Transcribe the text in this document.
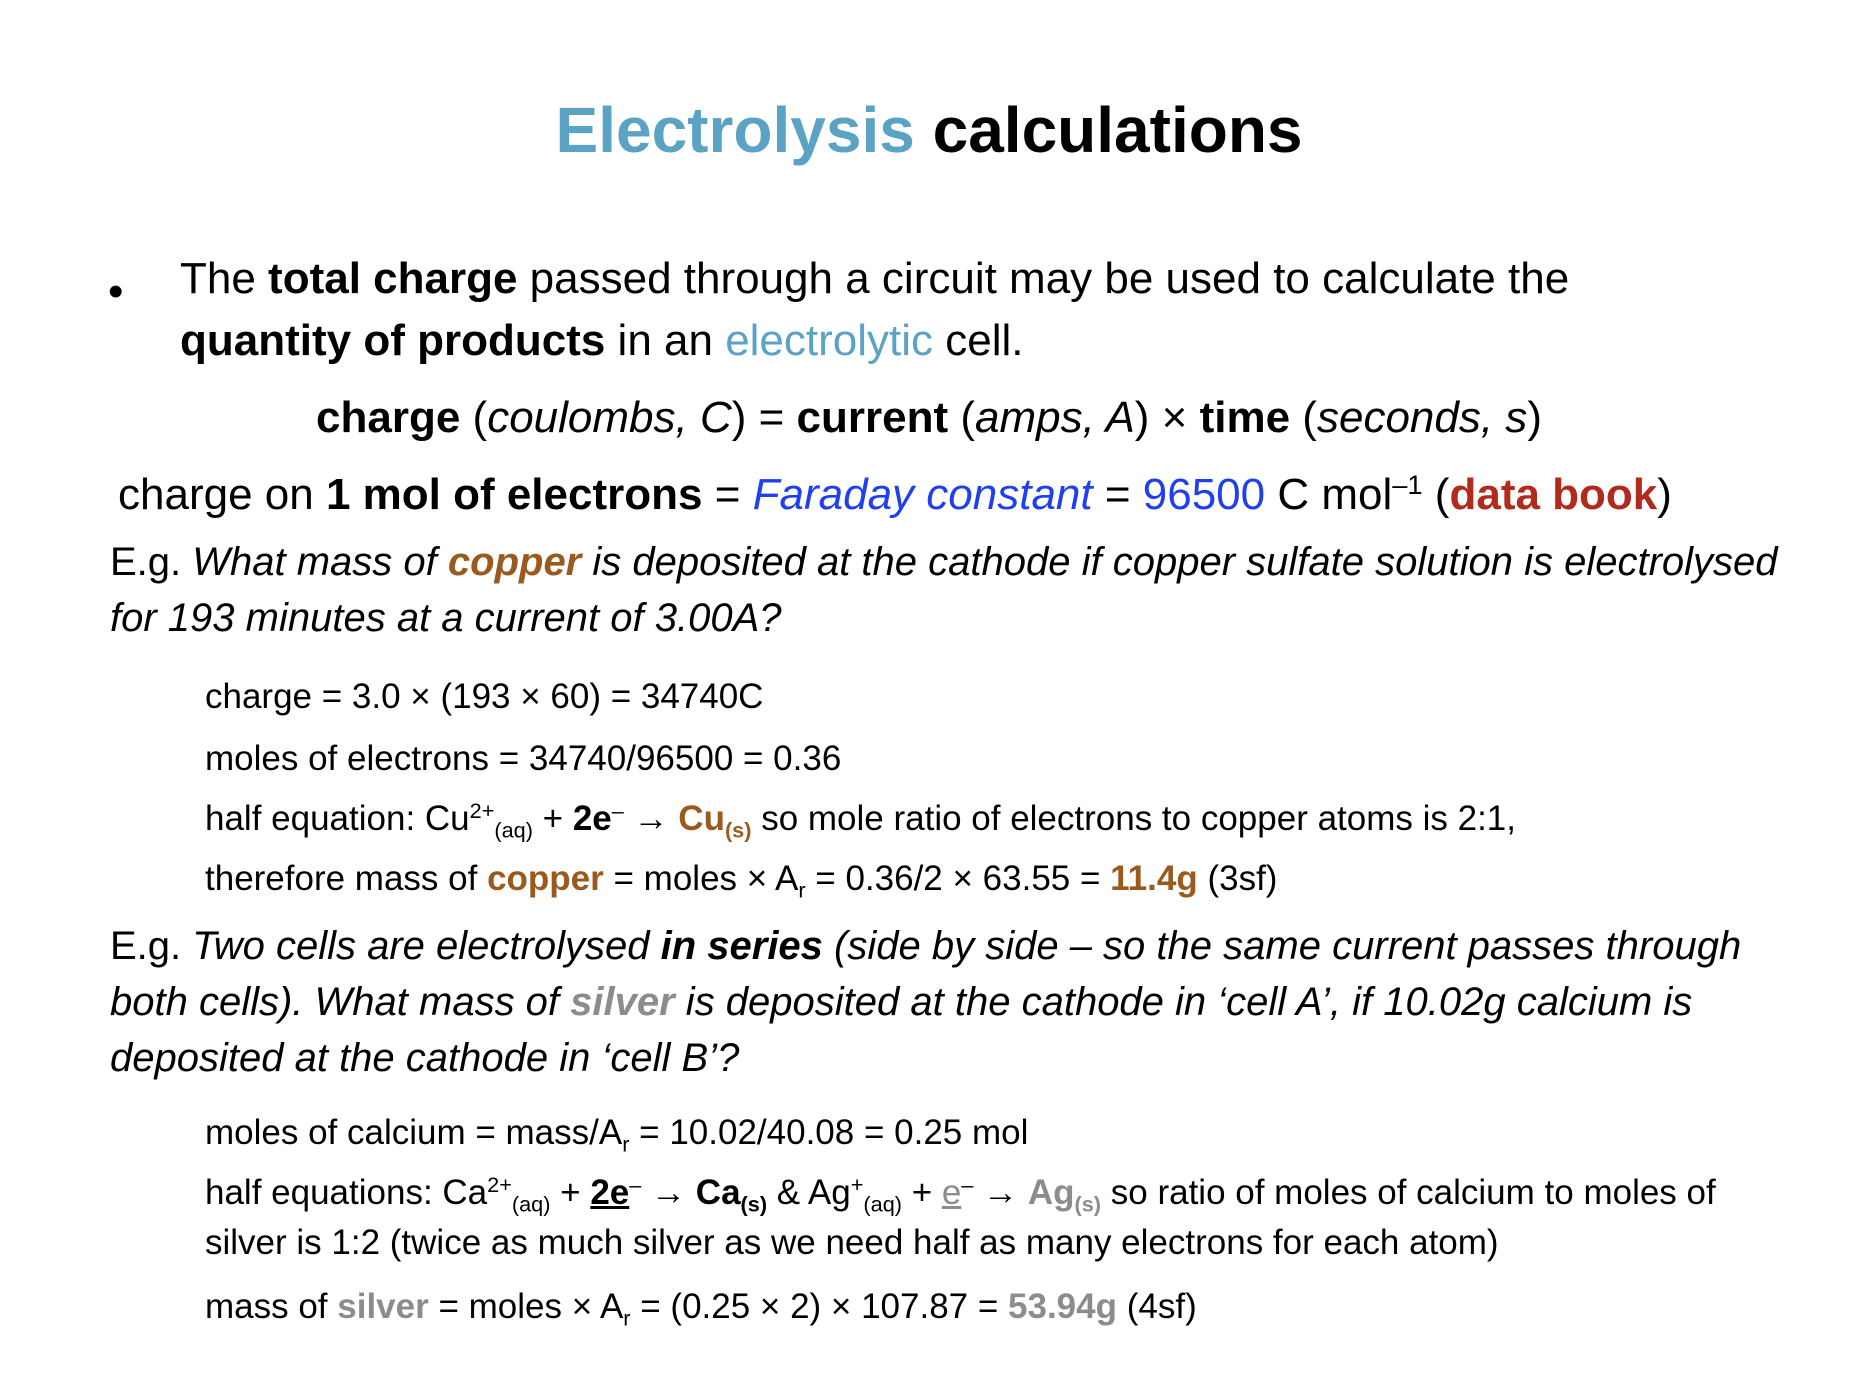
Electrolysis calculations
• The total charge passed through a circuit may be used to calculate the quantity of products in an electrolytic cell.
charge (coulombs, C) = current (amps, A) × time (seconds, s)
charge on 1 mol of electrons = Faraday constant = 96500 C mol$^{-1}$ (data book)
E.g. What mass of copper is deposited at the cathode if copper sulfate solution is electrolysed for 193 minutes at a current of 3.00A?
charge = 3.0 × (193 × 60) = 34740C
moles of electrons = 34740/96500 = 0.36
half equation: $Cu^{2+}_{(aq)} + 2e^- \to Cu_{(s)}$ so mole ratio of electrons to copper atoms is 2:1,
therefore mass of copper = moles × $A_r = 0.36/2 \times 63.55 = 11.4g$ (3sf)
E.g. Two cells are electrolysed in series (side by side – so the same current passes through both cells). What mass of silver is deposited at the cathode in ‘cell A’, if 10.02g calcium is deposited at the cathode in ‘cell B’?
moles of calcium = mass/$A_r = 10.02/40.08 = 0.25$ mol
half equations: $Ca^{2+}_{(aq)} + 2e^- \to Ca_{(s)}$ & $Ag^+_{(aq)} + e^- \to Ag_{(s)}$ so ratio of moles of calcium to moles of silver is 1:2 (twice as much silver as we need half as many electrons for each atom)
mass of silver = moles × $A_r = (0.25 \times 2) \times 107.87 = 53.94g$ (4sf)
